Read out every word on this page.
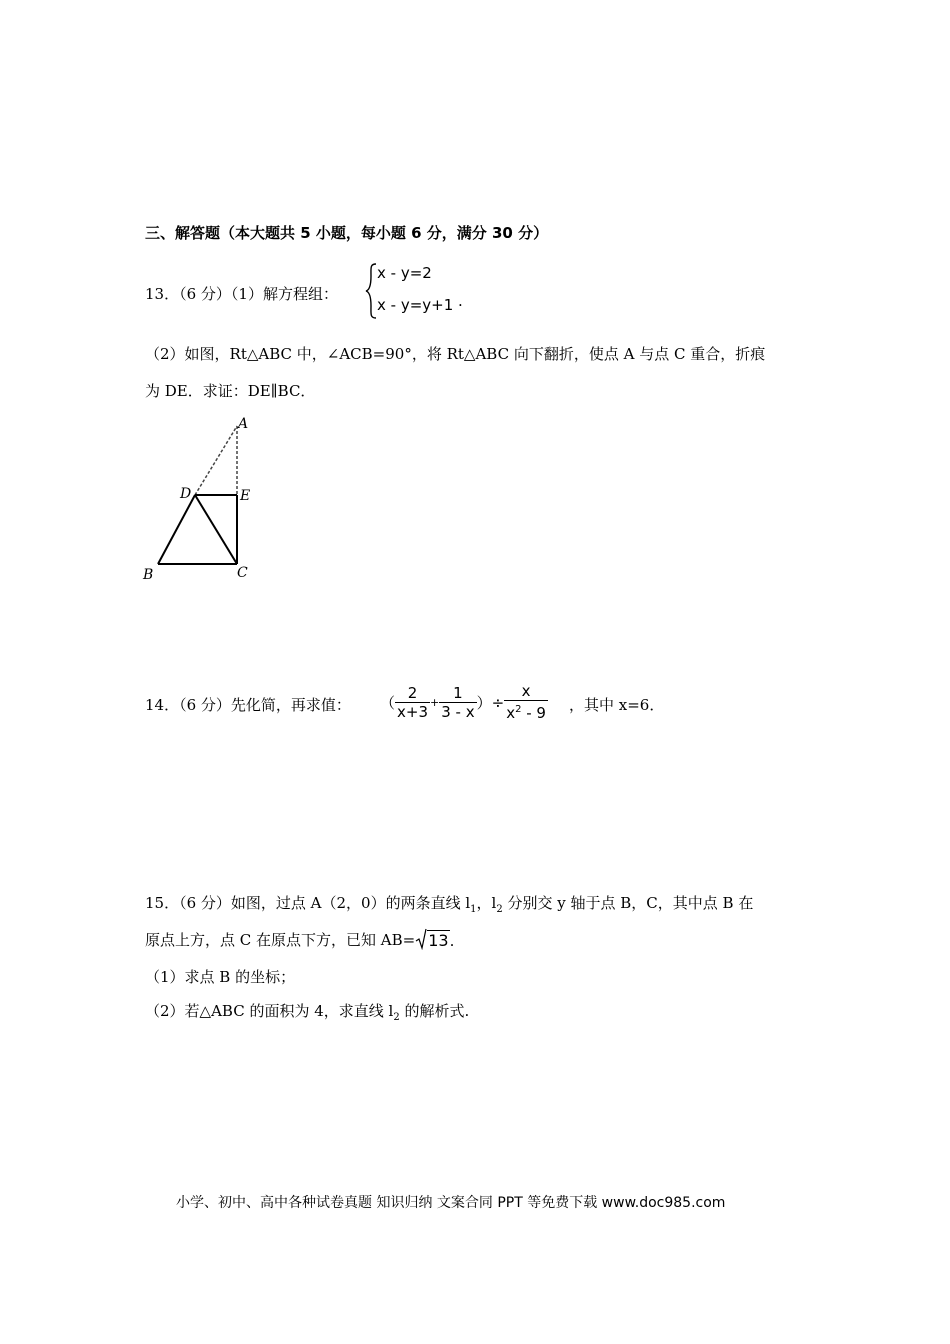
三、解答题（本大题共 5 小题，每小题 6 分，满分 30 分）
13．（6 分）（1）解方程组：
x - y=2
x - y=y+1 .
（2）如图，Rt△ABC 中，∠ACB=90°，将 Rt△ABC 向下翻折，使点 A 与点 C 重合，折痕
为 DE．求证：DE∥BC．
A
D	E
B	C
14．（6 分）先化简，再求值： （ $\frac{2}{x+3} + \frac{1}{3 - x}$ ）÷ $\frac{x}{x^2 - 9}$ ，其中 x=6．
15．（6 分）如图，过点 A（2，0）的两条直线 $l_1$，$l_2$ 分别交 y 轴于点 B，C，其中点 B 在
原点上方，点 C 在原点下方，已知 AB= 13 .
（1）求点 B 的坐标；
（2）若△ABC 的面积为 4，求直线 $l_2$ 的解析式.
小学、初中、高中各种试卷真题 知识归纳 文案合同 PPT 等免费下载 www.doc985.com
